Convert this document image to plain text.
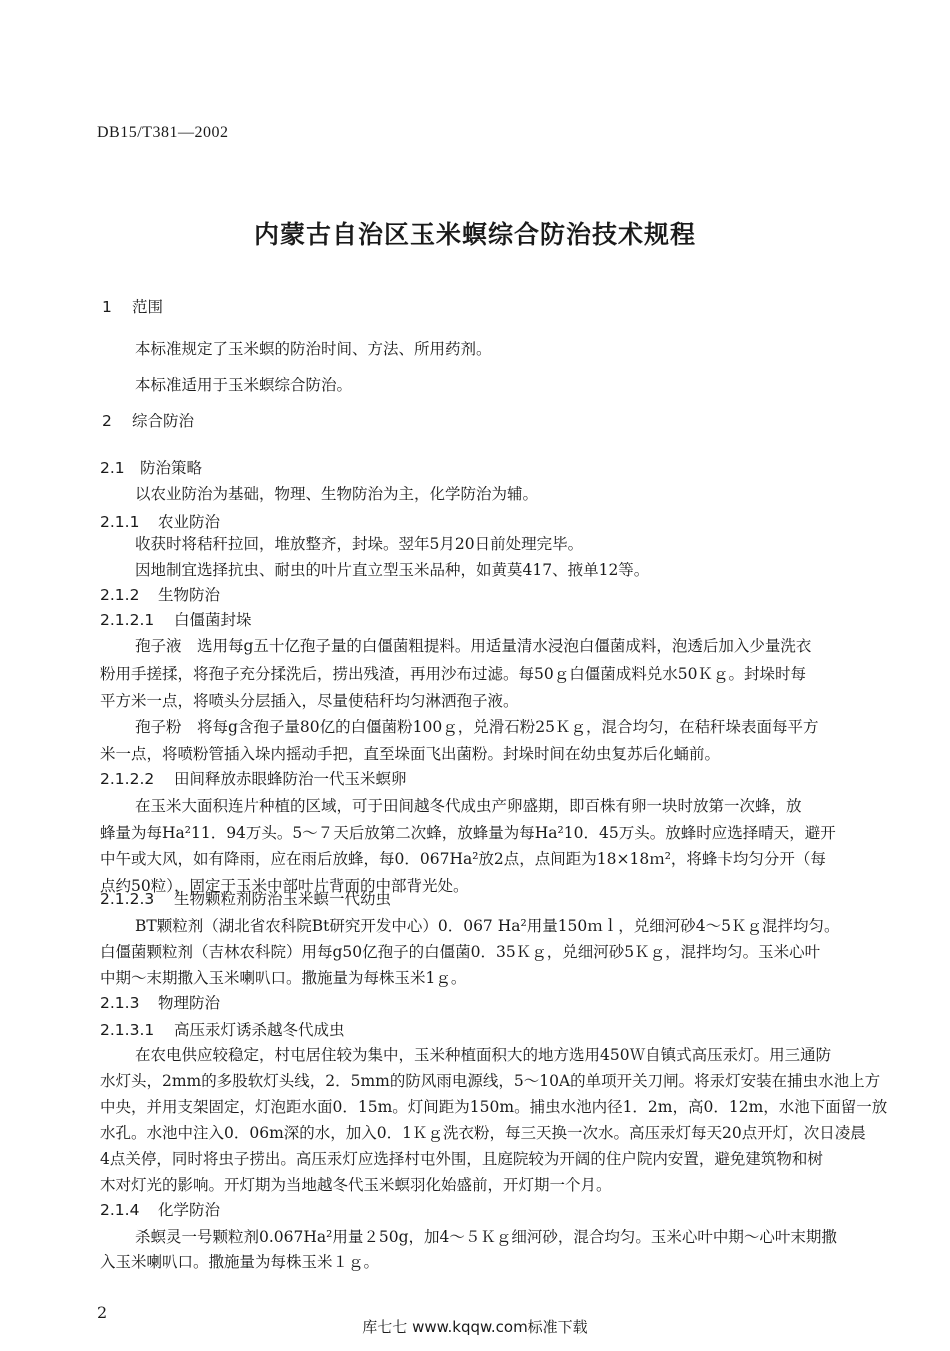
DB15/T381—2002
内蒙古自治区玉米螟综合防治技术规程
1 范围
本标准规定了玉米螟的防治时间、方法、所用药剂。
本标准适用于玉米螟综合防治。
2 综合防治
2.1 防治策略
以农业防治为基础，物理、生物防治为主，化学防治为辅。
2.1.1 农业防治
收获时将秸秆拉回，堆放整齐，封垛。翌年5月20日前处理完毕。
因地制宜选择抗虫、耐虫的叶片直立型玉米品种，如黄莫417、掖单12等。
2.1.2 生物防治
2.1.2.1 白僵菌封垛
孢子液　选用每g五十亿孢子量的白僵菌粗提料。用适量清水浸泡白僵菌成料，泡透后加入少量洗衣
粉用手搓揉，将孢子充分揉洗后，捞出残渣，再用沙布过滤。每50ｇ白僵菌成料兑水50Ｋｇ。封垛时每
平方米一点，将喷头分层插入，尽量使秸秆均匀淋洒孢子液。
孢子粉　将每g含孢子量80亿的白僵菌粉100ｇ，兑滑石粉25Ｋｇ，混合均匀，在秸秆垛表面每平方
米一点，将喷粉管插入垛内摇动手把，直至垛面飞出菌粉。封垛时间在幼虫复苏后化蛹前。
2.1.2.2 田间释放赤眼蜂防治一代玉米螟卵
在玉米大面积连片种植的区域，可于田间越冬代成虫产卵盛期，即百株有卵一块时放第一次蜂，放
蜂量为每Ha²11．94万头。5～７天后放第二次蜂，放蜂量为每Ha²10．45万头。放蜂时应选择晴天，避开
中午或大风，如有降雨，应在雨后放蜂，每0．067Ha²放2点，点间距为18×18ｍ²，将蜂卡均匀分开（每
点约50粒），固定于玉米中部叶片背面的中部背光处。
2.1.2.3 生物颗粒剂防治玉米螟一代幼虫
BT颗粒剂（湖北省农科院Bt研究开发中心）0．067 Ha²用量150ｍｌ，兑细河砂4～5Ｋｇ混拌均匀。
白僵菌颗粒剂（吉林农科院）用每g50亿孢子的白僵菌0．35Ｋｇ，兑细河砂5Ｋｇ，混拌均匀。玉米心叶
中期～末期撒入玉米喇叭口。撒施量为每株玉米1ｇ。
2.1.3 物理防治
2.1.3.1 高压汞灯诱杀越冬代成虫
在农电供应较稳定，村屯居住较为集中，玉米种植面积大的地方选用450Ｗ自镇式高压汞灯。用三通防
水灯头，2mm的多股软灯头线，2．5mm的防风雨电源线，5～10A的单项开关刀闸。将汞灯安装在捕虫水池上方
中央，并用支架固定，灯泡距水面0．15m。灯间距为150m。捕虫水池内径1．2m，高0．12m，水池下面留一放
水孔。水池中注入0．06m深的水，加入0．1Ｋｇ洗衣粉，每三天换一次水。高压汞灯每天20点开灯，次日凌晨
4点关停，同时将虫子捞出。高压汞灯应选择村屯外围，且庭院较为开阔的住户院内安置，避免建筑物和树
木对灯光的影响。开灯期为当地越冬代玉米螟羽化始盛前，开灯期一个月。
2.1.4 化学防治
杀螟灵一号颗粒剂0.067Ha²用量２50g，加4～５Ｋｇ细河砂，混合均匀。玉米心叶中期～心叶末期撒
入玉米喇叭口。撒施量为每株玉米１ｇ。
2
库七七 www.kqqw.com标准下载
